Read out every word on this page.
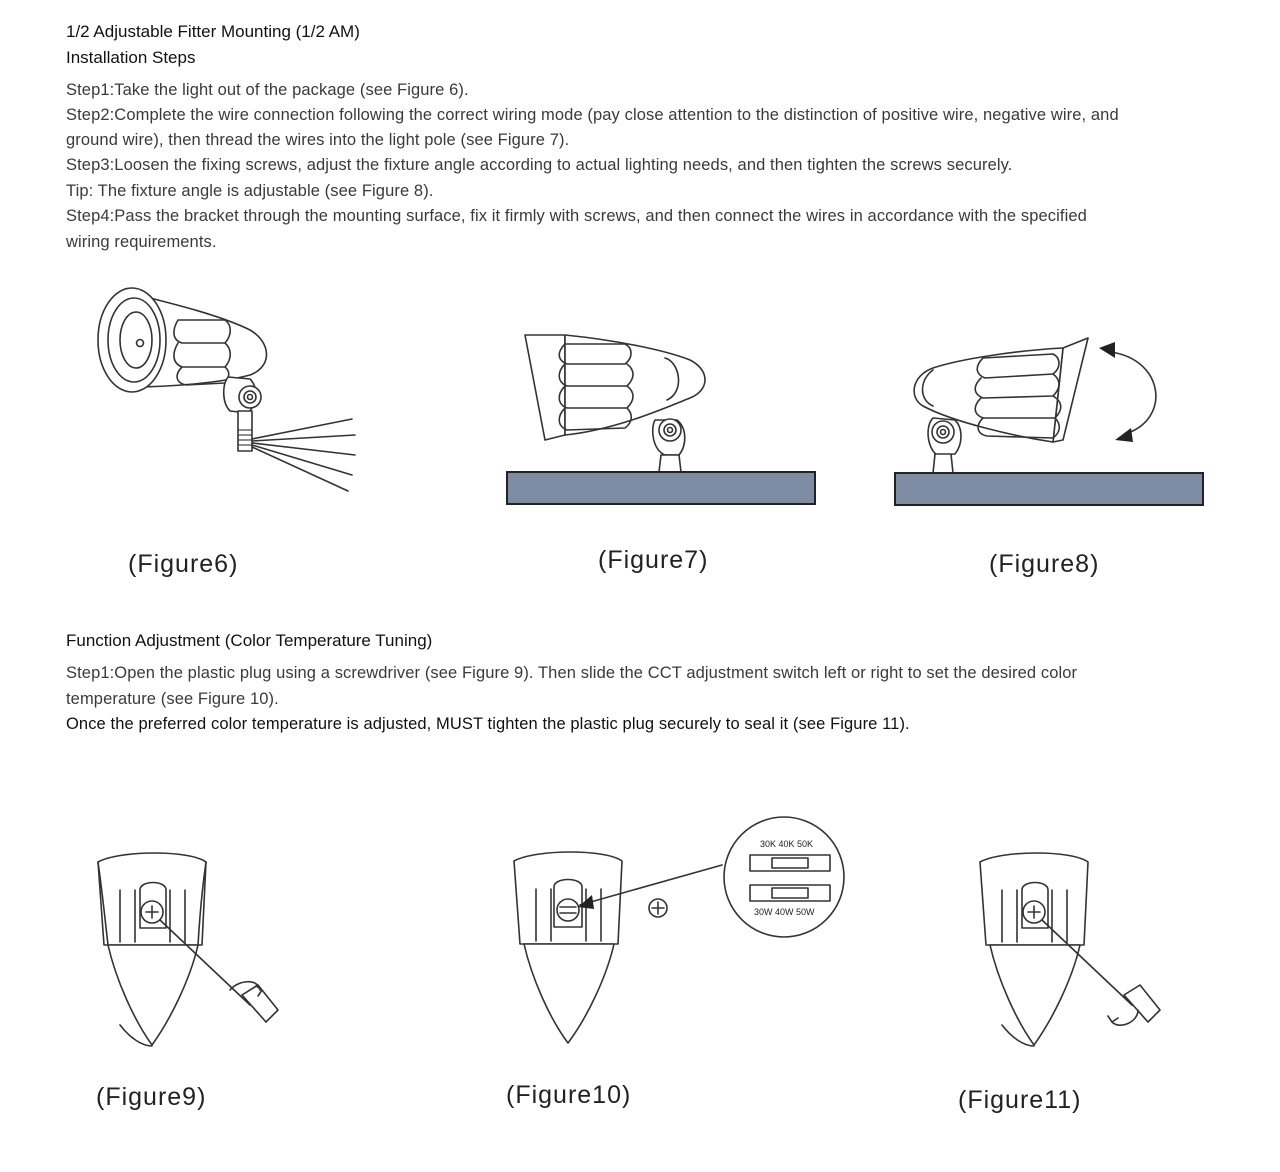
1/2 Adjustable Fitter Mounting (1/2 AM)
Installation Steps
Step1:Take the light out of the package (see Figure 6).
Step2:Complete the wire connection following the correct wiring mode (pay close attention to the distinction of positive wire, negative wire, and
ground wire), then thread the wires into the light pole (see Figure 7).
Step3:Loosen the fixing screws, adjust the fixture angle according to actual lighting needs, and then tighten the screws securely.
Tip: The fixture angle is adjustable (see Figure 8).
Step4:Pass the bracket through the mounting surface, fix it firmly with screws, and then connect the wires in accordance with the specified
wiring requirements.
(Figure6)	(Figure7)	(Figure8)
Function Adjustment (Color Temperature Tuning)
Step1:Open the plastic plug using a screwdriver (see Figure 9). Then slide the CCT adjustment switch left or right to set the desired color
temperature (see Figure 10).
Once the preferred color temperature is adjusted, MUST tighten the plastic plug securely to seal it (see Figure 11).
30K 40K 50K
30W 40W 50W
(Figure9)	(Figure10)	(Figure11)
